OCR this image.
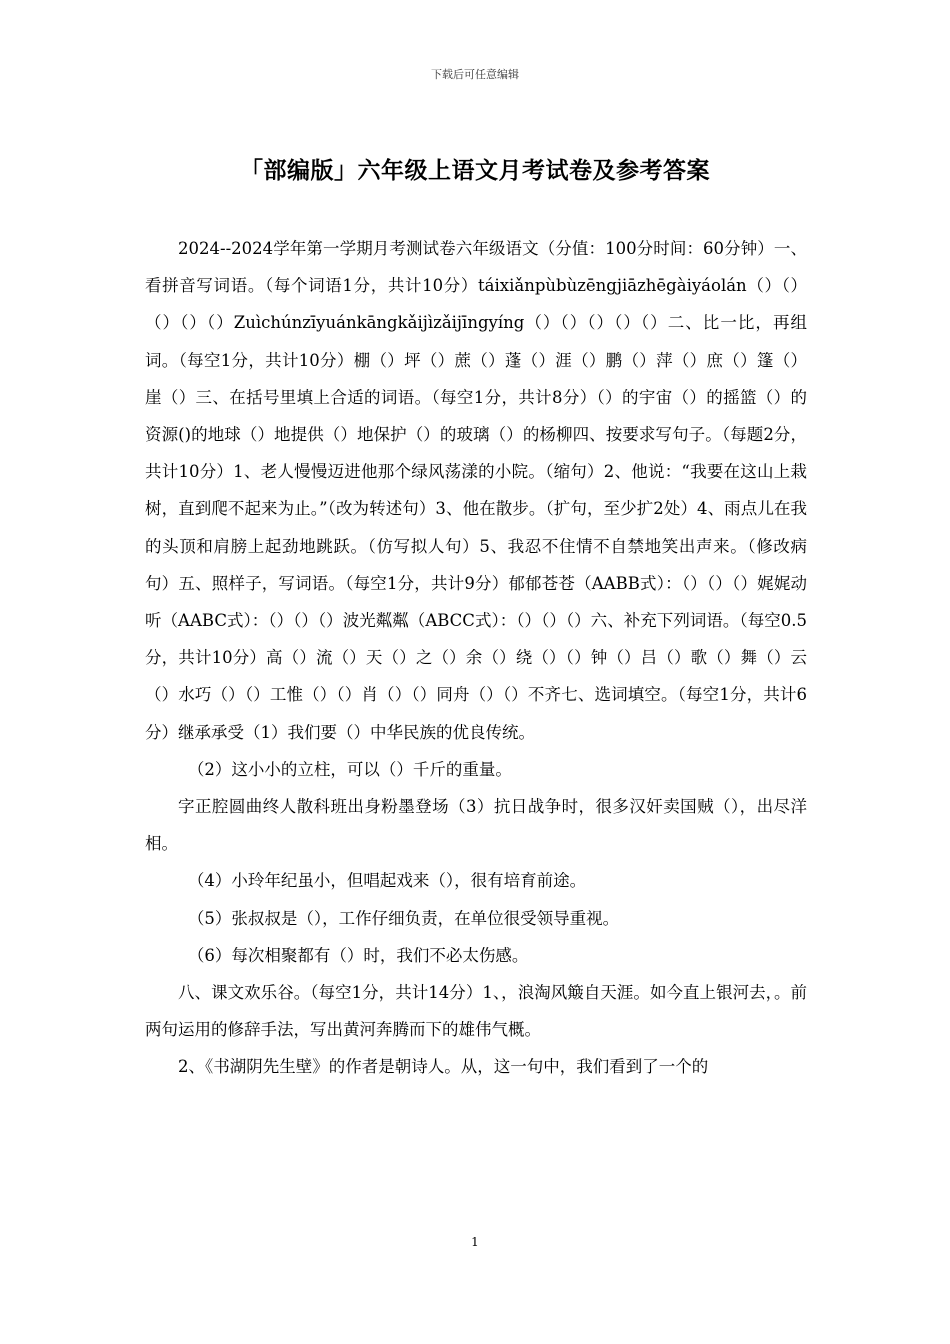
下载后可任意编辑
「部编版」六年级上语文月考试卷及参考答案

2024--2024学年第一学期月考测试卷六年级语文（分值：100分时间：60分钟）一、看拼音写词语。（每个词语1分，共计10分）táixiǎnpùbùzēngjiāzhēgàiyáolán（）（）（）（）（）Zuìchúnzīyuánkāngkǎijìzǎijīngyíng（）（）（）（）（）二、比一比，再组词。（每空1分，共计10分）棚（）坪（）蔗（）蓬（）涯（）鹏（）萍（）庶（）篷（）崖（）三、在括号里填上合适的词语。（每空1分，共计8分）（）的宇宙（）的摇篮（）的资源()的地球（）地提供（）地保护（）的玻璃（）的杨柳四、按要求写句子。（每题2分，共计10分）1、老人慢慢迈进他那个绿风荡漾的小院。（缩句）2、他说：“我要在这山上栽树，直到爬不起来为止。”（改为转述句）3、他在散步。（扩句，至少扩2处）4、雨点儿在我的头顶和肩膀上起劲地跳跃。（仿写拟人句）5、我忍不住情不自禁地笑出声来。（修改病句）五、照样子，写词语。（每空1分，共计9分）郁郁苍苍（AABB式）：（）（）（）娓娓动听（AABC式）：（）（）（）波光粼粼（ABCC式）：（）（）（）六、补充下列词语。（每空0.5分，共计10分）高（）流（）天（）之（）余（）绕（）（）钟（）吕（）歌（）舞（）云（）水巧（）（）工惟（）（）肖（）（）同舟（）（）不齐七、选词填空。（每空1分，共计6分）继承承受（1）我们要（）中华民族的优良传统。

（2）这小小的立柱，可以（）千斤的重量。

字正腔圆曲终人散科班出身粉墨登场（3）抗日战争时，很多汉奸卖国贼（），出尽洋相。

（4）小玲年纪虽小，但唱起戏来（），很有培育前途。

（5）张叔叔是（），工作仔细负责，在单位很受领导重视。

（6）每次相聚都有（）时，我们不必太伤感。

八、课文欢乐谷。（每空1分，共计14分）1、，浪淘风簸自天涯。如今直上银河去，。前两句运用的修辞手法，写出黄河奔腾而下的雄伟气概。

2、《书湖阴先生壁》的作者是朝诗人。从，这一句中，我们看到了一个的

1
